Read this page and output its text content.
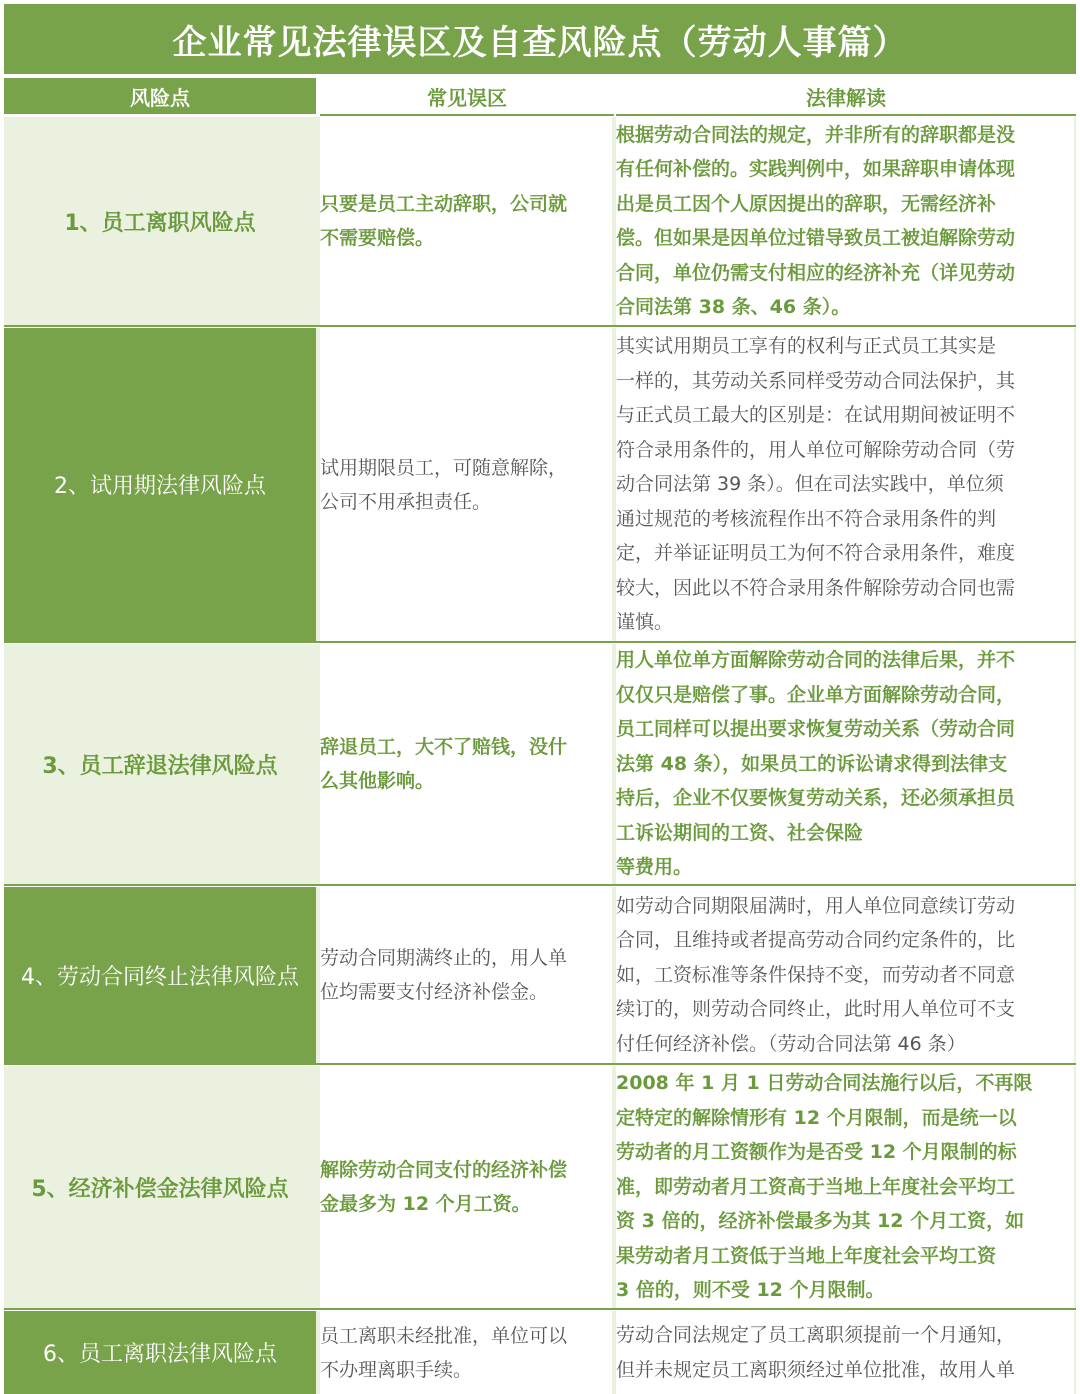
企业常见法律误区及自查风险点（劳动人事篇）
风险点	常见误区	法律解读
1、员工离职风险点
只要是员工主动辞职，公司就
不需要赔偿。
根据劳动合同法的规定，并非所有的辞职都是没
有任何补偿的。实践判例中，如果辞职申请体现
出是员工因个人原因提出的辞职，无需经济补
偿。但如果是因单位过错导致员工被迫解除劳动
合同，单位仍需支付相应的经济补充（详见劳动
合同法第 38 条、46 条）。
2、试用期法律风险点
试用期限员工，可随意解除，
公司不用承担责任。
其实试用期员工享有的权利与正式员工其实是
一样的，其劳动关系同样受劳动合同法保护，其
与正式员工最大的区别是：在试用期间被证明不
符合录用条件的，用人单位可解除劳动合同（劳
动合同法第 39 条）。但在司法实践中，单位须
通过规范的考核流程作出不符合录用条件的判
定，并举证证明员工为何不符合录用条件，难度
较大，因此以不符合录用条件解除劳动合同也需
谨慎。
3、员工辞退法律风险点
辞退员工，大不了赔钱，没什
么其他影响。
用人单位单方面解除劳动合同的法律后果，并不
仅仅只是赔偿了事。企业单方面解除劳动合同，
员工同样可以提出要求恢复劳动关系（劳动合同
法第 48 条），如果员工的诉讼请求得到法律支
持后，企业不仅要恢复劳动关系，还必须承担员
工诉讼期间的工资、社会保险
等费用。
4、劳动合同终止法律风险点
劳动合同期满终止的，用人单
位均需要支付经济补偿金。
如劳动合同期限届满时，用人单位同意续订劳动
合同，且维持或者提高劳动合同约定条件的，比
如，工资标准等条件保持不变，而劳动者不同意
续订的，则劳动合同终止，此时用人单位可不支
付任何经济补偿。（劳动合同法第 46 条）
5、经济补偿金法律风险点
解除劳动合同支付的经济补偿
金最多为 12 个月工资。
2008 年 1 月 1 日劳动合同法施行以后，不再限
定特定的解除情形有 12 个月限制，而是统一以
劳动者的月工资额作为是否受 12 个月限制的标
准，即劳动者月工资高于当地上年度社会平均工
资 3 倍的，经济补偿最多为其 12 个月工资，如
果劳动者月工资低于当地上年度社会平均工资
3 倍的，则不受 12 个月限制。
6、员工离职法律风险点
员工离职未经批准，单位可以
不办理离职手续。
劳动合同法规定了员工离职须提前一个月通知，
但并未规定员工离职须经过单位批准，故用人单
